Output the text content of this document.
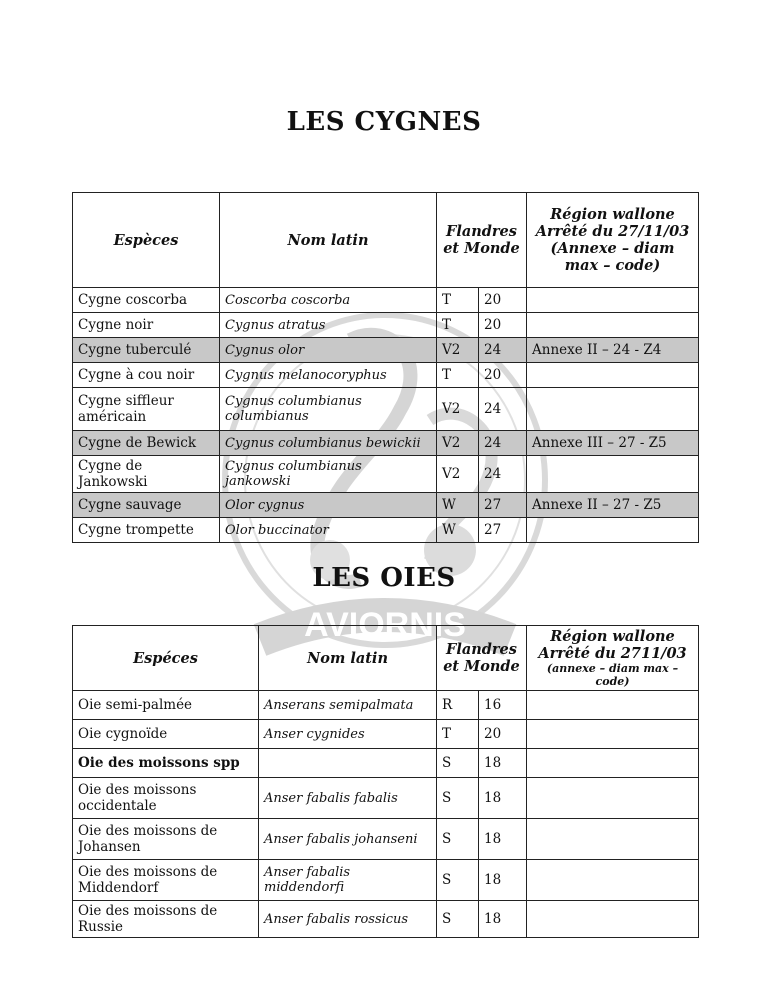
AVIORNIS
LES CYGNES
Espèces	Nom latin	Flandres et Monde		Région wallone Arrêté du 27/11/03 (Annexe – diam max – code)
Cygne coscorba	Coscorba coscorba	T	20	
Cygne noir	Cygnus atratus	T	20	
Cygne tuberculé	Cygnus olor	V2	24	Annexe II – 24 - Z4
Cygne à cou noir	Cygnus melanocoryphus	T	20	
Cygne siffleur américain	Cygnus columbianus columbianus	V2	24	
Cygne de Bewick	Cygnus columbianus bewickii	V2	24	Annexe III – 27 - Z5
Cygne de Jankowski	Cygnus columbianus jankowski	V2	24	
Cygne sauvage	Olor cygnus	W	27	Annexe II – 27 - Z5
Cygne trompette	Olor buccinator	W	27	
LES OIES
Espéces	Nom latin	Flandres et Monde		Région wallone Arrêté du 2711/03
(annexe – diam max – code)

Oie semi-palmée	Anserans semipalmata	R	16	
Oie cygnoïde	Anser cygnides	T	20	
Oie des moissons spp		S	18	
Oie des moissons occidentale	Anser fabalis fabalis	S	18	
Oie des moissons de Johansen	Anser fabalis johanseni	S	18	
Oie des moissons de Middendorf	Anser fabalis middendorfi	S	18	
Oie des moissons de Russie	Anser fabalis rossicus	S	18	
